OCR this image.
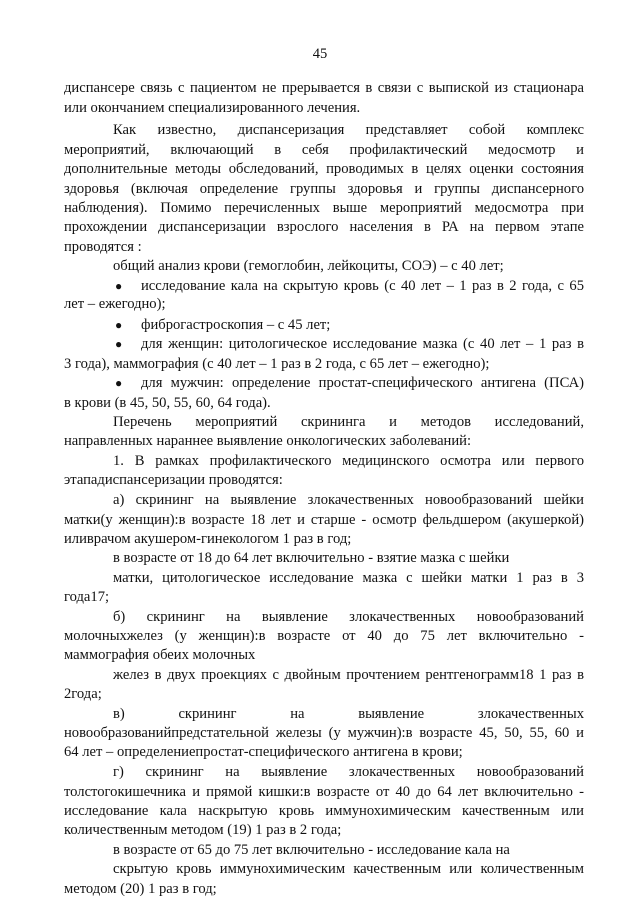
45
диспансере связь с пациентом не прерывается в связи с выпиской из стационара
или окончанием специализированного лечения.
Как известно, диспансеризация представляет собой комплекс
мероприятий, включающий в себя профилактический медосмотр и
дополнительные методы обследований, проводимых в целях оценки состояния
здоровья (включая определение группы здоровья и группы диспансерного
наблюдения). Помимо перечисленных выше мероприятий медосмотра при
прохождении диспансеризации взрослого населения в РА на первом этапе
проводятся :
общий анализ крови (гемоглобин, лейкоциты, СОЭ) – с 40 лет;
● исследование кала на скрытую кровь (с 40 лет – 1 раз в 2 года, с 65
лет – ежегодно);
● фиброгастроскопия – с 45 лет;
● для женщин: цитологическое исследование мазка (с 40 лет – 1 раз в
3 года), маммография (с 40 лет – 1 раз в 2 года, с 65 лет – ежегодно);
● для мужчин: определение простат-специфического антигена (ПСА)
в крови (в 45, 50, 55, 60, 64 года).
Перечень мероприятий скрининга и методов исследований,
направленных нараннее выявление онкологических заболеваний:
1. В рамках профилактического медицинского осмотра или первого
этападиспансеризации проводятся:
а) скрининг на выявление злокачественных новообразований шейки
матки(у женщин):в возрасте 18 лет и старше - осмотр фельдшером (акушеркой)
иливрачом акушером-гинекологом 1 раз в год;
в возрасте от 18 до 64 лет включительно - взятие мазка с шейки
матки, цитологическое исследование мазка с шейки матки 1 раз в 3
года17;
б) скрининг на выявление злокачественных новообразований
молочныхжелез (у женщин):в возрасте от 40 до 75 лет включительно -
маммография обеих молочных
желез в двух проекциях с двойным прочтением рентгенограмм18 1 раз в
2года;
в) скрининг на выявление злокачественных
новообразованийпредстательной железы (у мужчин):в возрасте 45, 50, 55, 60 и
64 лет – определениепростат-специфического антигена в крови;
г) скрининг на выявление злокачественных новообразований
толстогокишечника и прямой кишки:в возрасте от 40 до 64 лет включительно -
исследование кала наскрытую кровь иммунохимическим качественным или
количественным методом (19) 1 раз в 2 года;
в возрасте от 65 до 75 лет включительно - исследование кала на
скрытую кровь иммунохимическим качественным или количественным
методом (20) 1 раз в год;
